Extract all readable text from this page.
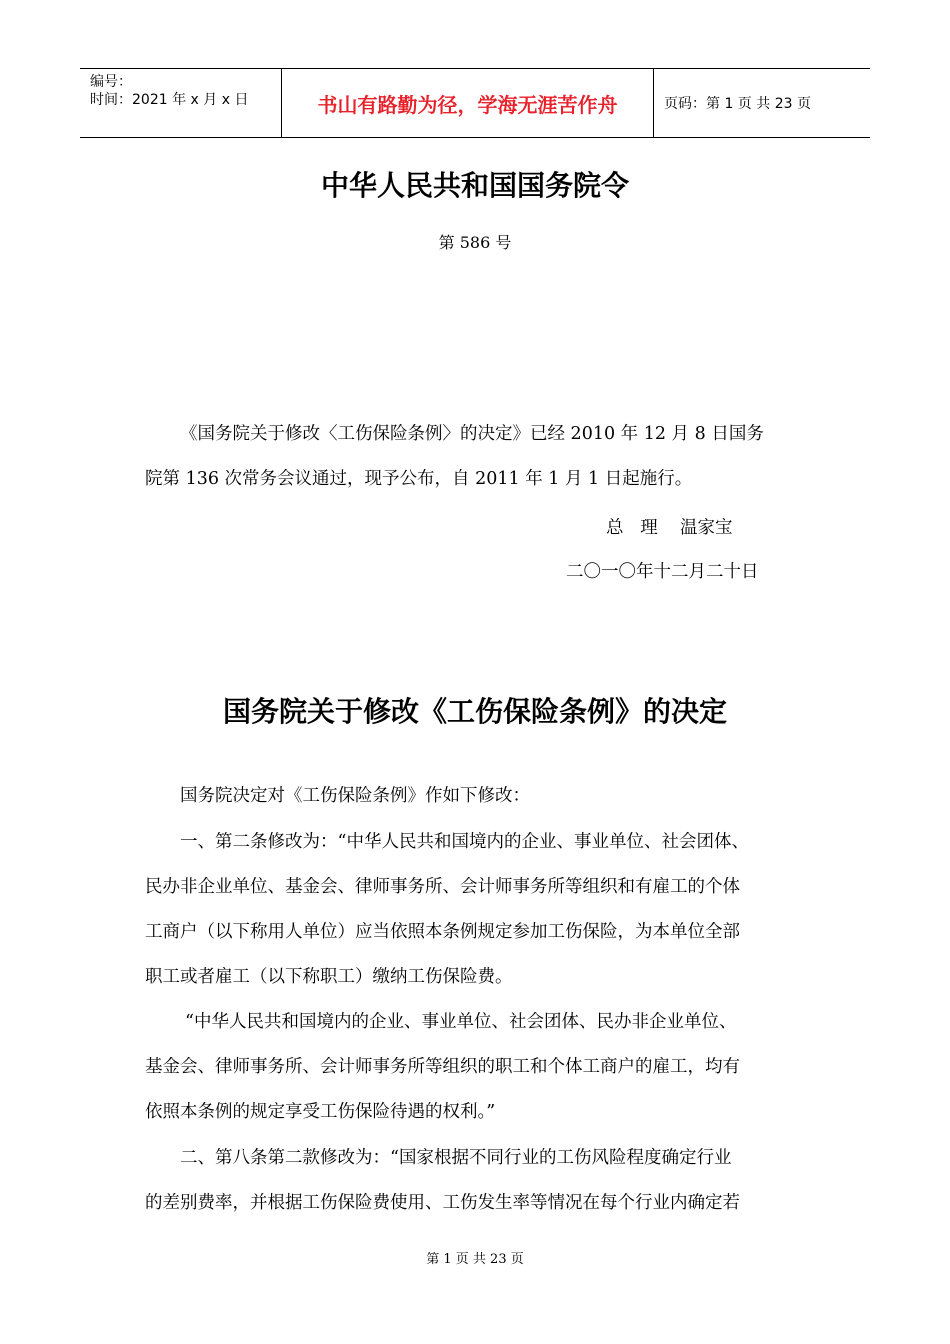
编号：
时间：2021 年 x 月 x 日	书山有路勤为径，学海无涯苦作舟	页码：第 1 页 共 23 页
中华人民共和国国务院令
第 586 号

《国务院关于修改〈工伤保险条例〉的决定》已经 2010 年 12 月 8 日国务

院第 136 次常务会议通过，现予公布，自 2011 年 1 月 1 日起施行。

总   理    温家宝
二〇一〇年十二月二十日
国务院关于修改《工伤保险条例》的决定

国务院决定对《工伤保险条例》作如下修改：

一、第二条修改为：“中华人民共和国境内的企业、事业单位、社会团体、

民办非企业单位、基金会、律师事务所、会计师事务所等组织和有雇工的个体

工商户（以下称用人单位）应当依照本条例规定参加工伤保险，为本单位全部

职工或者雇工（以下称职工）缴纳工伤保险费。

“中华人民共和国境内的企业、事业单位、社会团体、民办非企业单位、

基金会、律师事务所、会计师事务所等组织的职工和个体工商户的雇工，均有

依照本条例的规定享受工伤保险待遇的权利。”

二、第八条第二款修改为：“国家根据不同行业的工伤风险程度确定行业

的差别费率，并根据工伤保险费使用、工伤发生率等情况在每个行业内确定若

第 1 页 共 23 页
